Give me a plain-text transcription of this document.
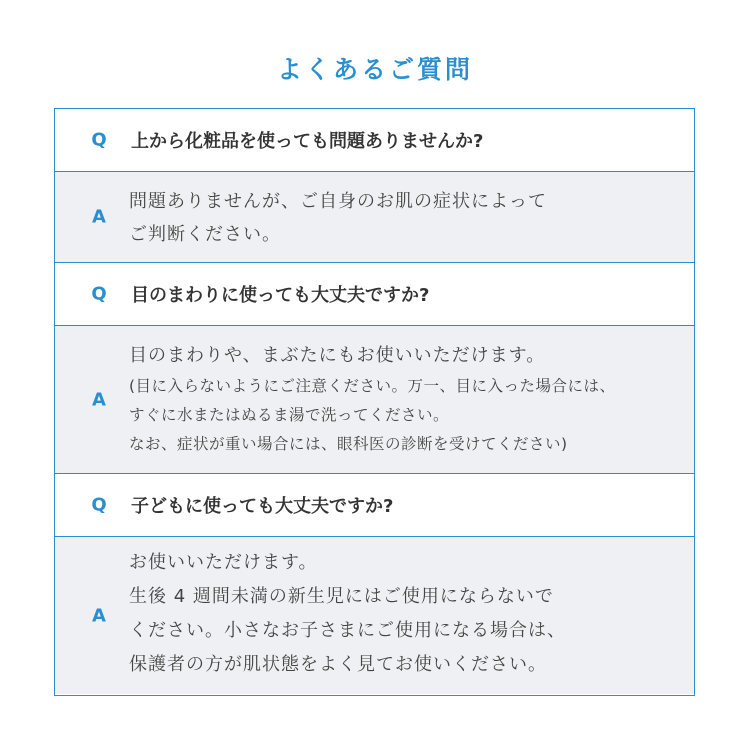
よくあるご質問
Q 上から化粧品を使っても問題ありませんか?
A
問題ありませんが、ご自身のお肌の症状によって
ご判断ください。
Q 目のまわりに使っても大丈夫ですか?
A
目のまわりや、まぶたにもお使いいただけます。
(目に入らないようにご注意ください。万一、目に入った場合には、
すぐに水またはぬるま湯で洗ってください。
なお、症状が重い場合には、眼科医の診断を受けてください)
Q 子どもに使っても大丈夫ですか?
A
お使いいただけます。
生後 4 週間未満の新生児にはご使用にならないで
ください。小さなお子さまにご使用になる場合は、
保護者の方が肌状態をよく見てお使いください。
